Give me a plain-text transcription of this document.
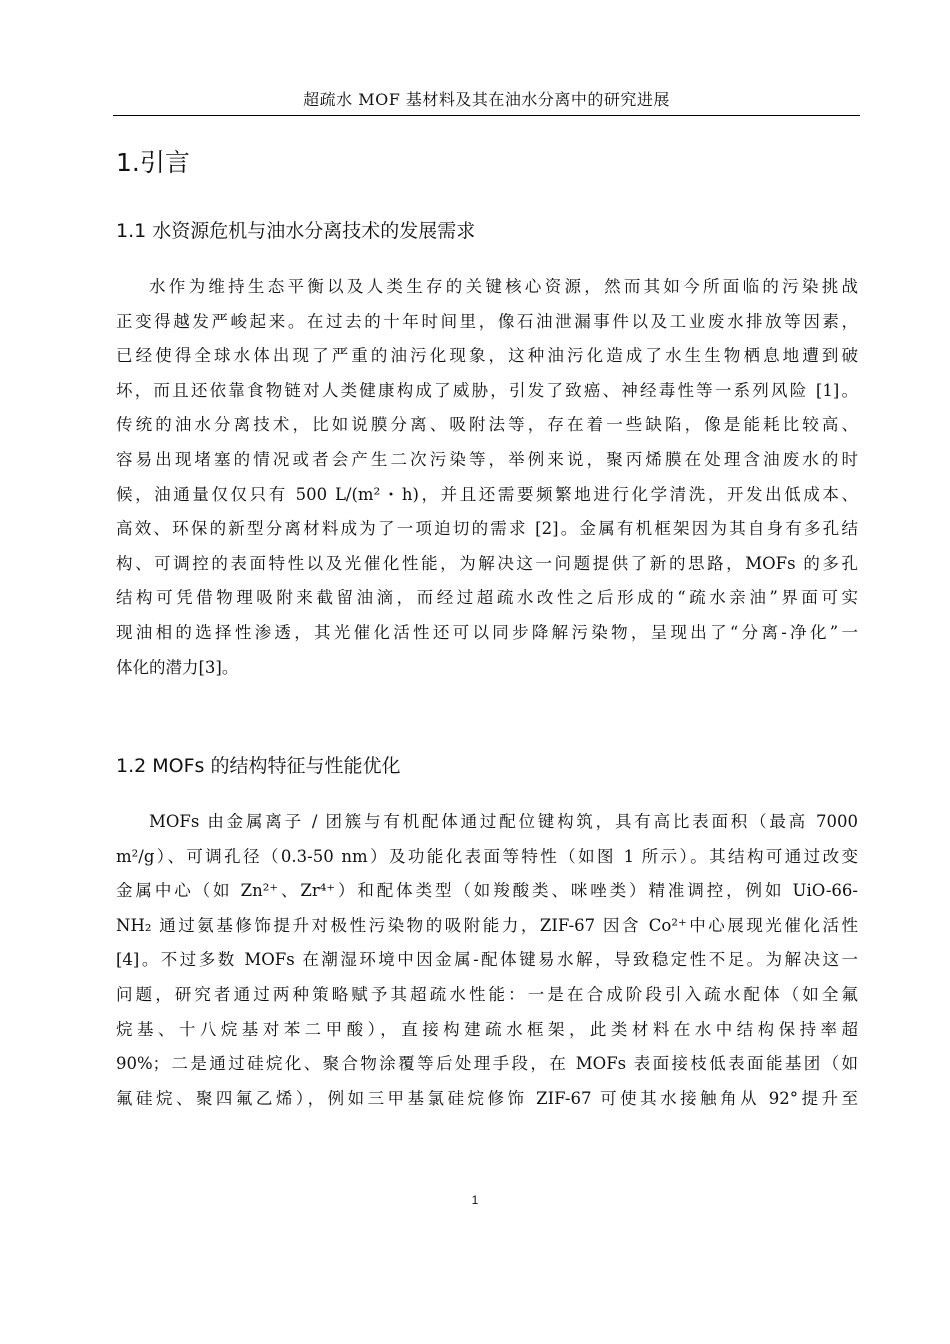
超疏水 MOF 基材料及其在油水分离中的研究进展
1.引言
1.1 水资源危机与油水分离技术的发展需求
水作为维持生态平衡以及人类生存的关键核心资源，然而其如今所面临的污染挑战
正变得越发严峻起来。在过去的十年时间里，像石油泄漏事件以及工业废水排放等因素，
已经使得全球水体出现了严重的油污化现象，这种油污化造成了水生生物栖息地遭到破
坏，而且还依靠食物链对人类健康构成了威胁，引发了致癌、神经毒性等一系列风险 [1]。
传统的油水分离技术，比如说膜分离、吸附法等，存在着一些缺陷，像是能耗比较高、
容易出现堵塞的情况或者会产生二次污染等，举例来说，聚丙烯膜在处理含油废水的时
候，油通量仅仅只有 500 L/(m²・h)，并且还需要频繁地进行化学清洗，开发出低成本、
高效、环保的新型分离材料成为了一项迫切的需求 [2]。金属有机框架因为其自身有多孔结
构、可调控的表面特性以及光催化性能，为解决这一问题提供了新的思路，MOFs 的多孔
结构可凭借物理吸附来截留油滴，而经过超疏水改性之后形成的“疏水亲油”界面可实
现油相的选择性渗透，其光催化活性还可以同步降解污染物，呈现出了“分离-净化”一
体化的潜力[3]。
1.2 MOFs 的结构特征与性能优化
MOFs 由金属离子 / 团簇与有机配体通过配位键构筑，具有高比表面积（最高 7000
m²/g）、可调孔径（0.3-50 nm）及功能化表面等特性（如图 1 所示）。其结构可通过改变
金属中心（如 Zn²⁺、Zr⁴⁺）和配体类型（如羧酸类、咪唑类）精准调控，例如 UiO-66-
NH₂ 通过氨基修饰提升对极性污染物的吸附能力，ZIF-67 因含 Co²⁺中心展现光催化活性
[4]。不过多数 MOFs 在潮湿环境中因金属-配体键易水解，导致稳定性不足。为解决这一
问题，研究者通过两种策略赋予其超疏水性能：一是在合成阶段引入疏水配体（如全氟
烷基、十八烷基对苯二甲酸），直接构建疏水框架，此类材料在水中结构保持率超
90%；二是通过硅烷化、聚合物涂覆等后处理手段，在 MOFs 表面接枝低表面能基团（如
氟硅烷、聚四氟乙烯），例如三甲基氯硅烷修饰 ZIF-67 可使其水接触角从 92°提升至
1
